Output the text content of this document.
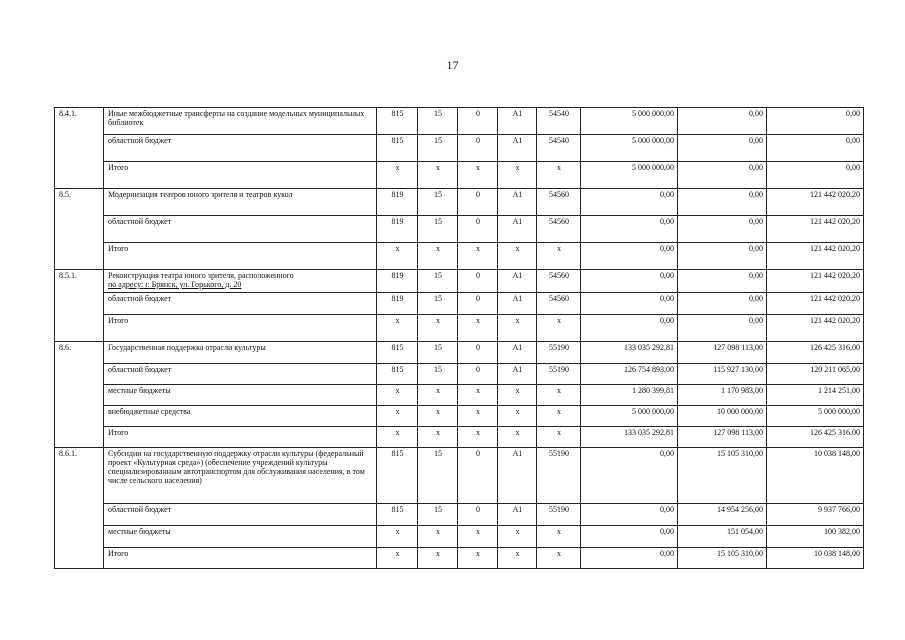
17
8.4.1.	Иные межбюджетные трансферты на создание модельных муниципальных библиотек	815	15	0	A1	54540	5 000 000,00	0,00	0,00
	областной бюджет	815	15	0	A1	54540	5 000 000,00	0,00	0,00
	Итого	x	x	x	x	x	5 000 000,00	0,00	0,00
8.5.	Модернизация театров юного зрителя и театров кукол	819	15	0	A1	54560	0,00	0,00	121 442 020,20
	областной бюджет	819	15	0	A1	54560	0,00	0,00	121 442 020,20
	Итого	x	x	x	x	x	0,00	0,00	121 442 020,20
8.5.1.	Реконструкция театра юного зрителя, расположенного
по адресу: г. Брянск, ул. Горького, д. 20	819	15	0	A1	54560	0,00	0,00	121 442 020,20
	областной бюджет	819	15	0	A1	54560	0,00	0,00	121 442 020,20
	Итого	x	x	x	x	x	0,00	0,00	121 442 020,20
8.6.	Государственная поддержка отрасли культуры	815	15	0	A1	55190	133 035 292,81	127 098 113,00	126 425 316,00
	областной бюджет	815	15	0	A1	55190	126 754 893,00	115 927 130,00	120 211 065,00
	местные бюджеты	x	x	x	x	x	1 280 399,81	1 170 983,00	1 214 251,00
	внебюджетные средства	x	x	x	x	x	5 000 000,00	10 000 000,00	5 000 000,00
	Итого	x	x	x	x	x	133 035 292,81	127 098 113,00	126 425 316,00
8.6.1.	Субсидии на государственную поддержку отрасли культуры (федеральный проект «Культурная среда») (обеспечение учреждений культуры специализированным автотранспортом для обслуживания населения, в том числе сельского населения)	815	15	0	A1	55190	0,00	15 105 310,00	10 038 148,00
	областной бюджет	815	15	0	A1	55190	0,00	14 954 256,00	9 937 766,00
	местные бюджеты	x	x	x	x	x	0,00	151 054,00	100 382,00
	Итого	x	x	x	x	x	0,00	15 105 310,00	10 038 148,00
